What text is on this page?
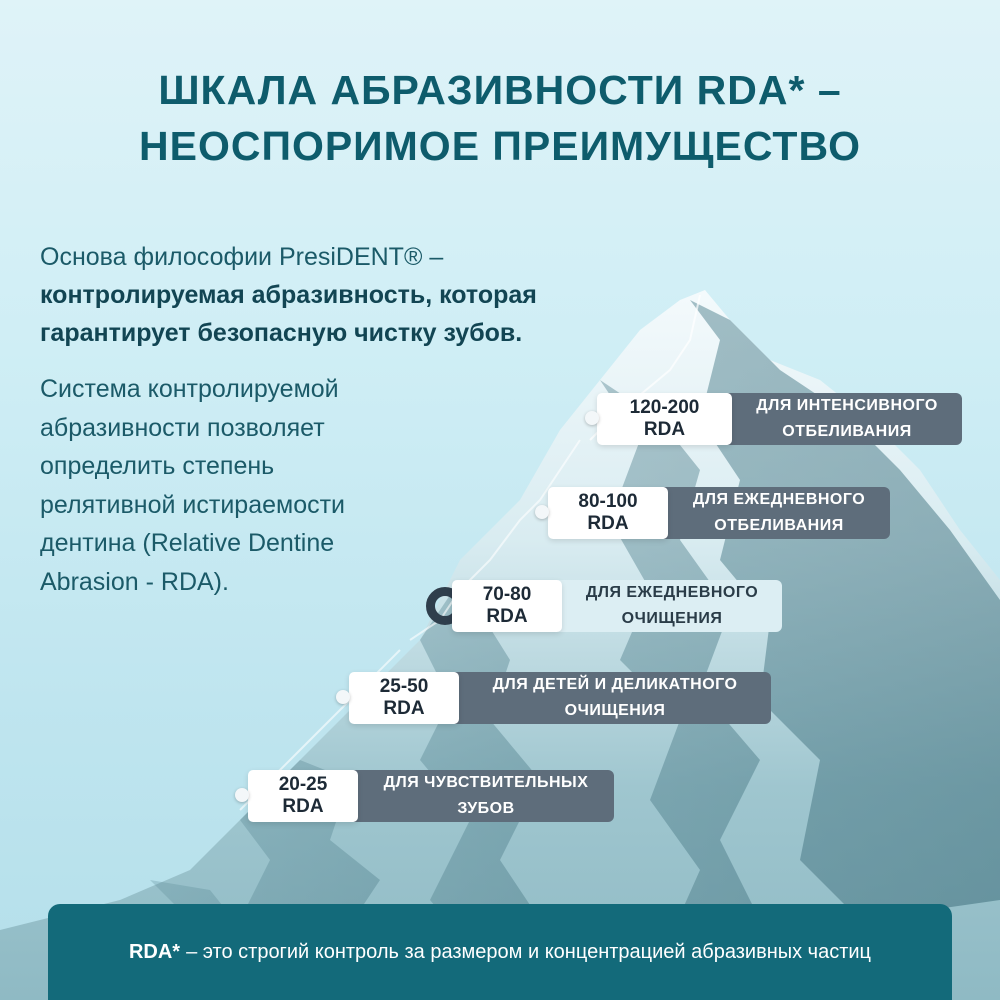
ШКАЛА АБРАЗИВНОСТИ RDA* –
НЕОСПОРИМОЕ ПРЕИМУЩЕСТВО
Основа философии PresiDENT® –
контролируемая абразивность, которая
гарантирует безопасную чистку зубов.
Система контролируемой
абразивности позволяет
определить степень
релятивной истираемости
дентина (Relative Dentine
Abrasion - RDA).
120-200
RDA
ДЛЯ ИНТЕНСИВНОГО
ОТБЕЛИВАНИЯ
80-100
RDA
ДЛЯ ЕЖЕДНЕВНОГО
ОТБЕЛИВАНИЯ
70-80
RDA
ДЛЯ ЕЖЕДНЕВНОГО
ОЧИЩЕНИЯ
25-50
RDA
ДЛЯ ДЕТЕЙ И ДЕЛИКАТНОГО
ОЧИЩЕНИЯ
20-25
RDA
ДЛЯ ЧУВСТВИТЕЛЬНЫХ
ЗУБОВ
RDA* – это строгий контроль за размером и концентрацией абразивных частиц
